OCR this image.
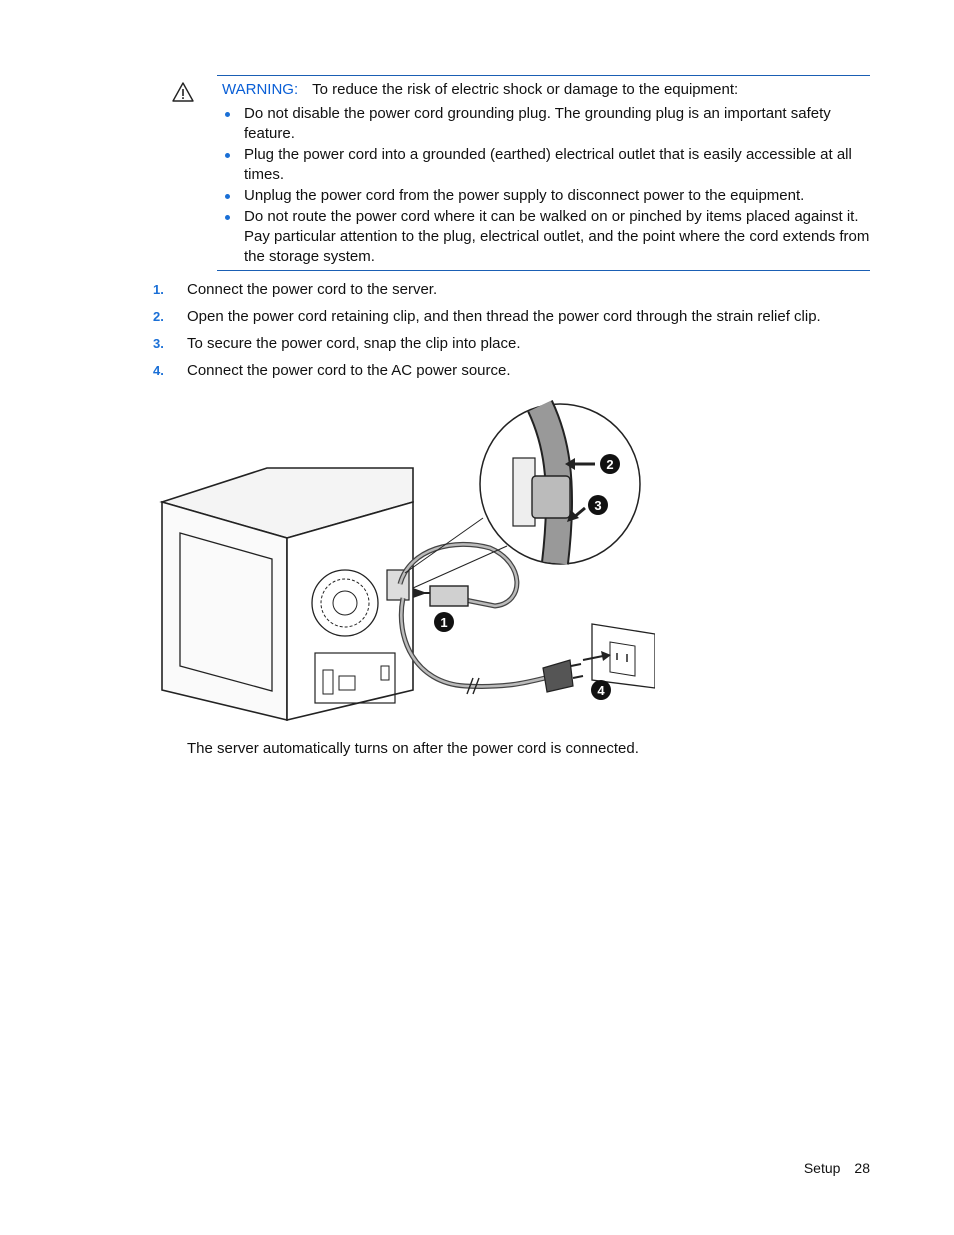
WARNING: To reduce the risk of electric shock or damage to the equipment:
Do not disable the power cord grounding plug. The grounding plug is an important safety feature.
Plug the power cord into a grounded (earthed) electrical outlet that is easily accessible at all times.
Unplug the power cord from the power supply to disconnect power to the equipment.
Do not route the power cord where it can be walked on or pinched by items placed against it. Pay particular attention to the plug, electrical outlet, and the point where the cord extends from the storage system.
1. Connect the power cord to the server.
2. Open the power cord retaining clip, and then thread the power cord through the strain relief clip.
3. To secure the power cord, snap the clip into place.
4. Connect the power cord to the AC power source.
1
2
3
4
The server automatically turns on after the power cord is connected.
Setup 28
